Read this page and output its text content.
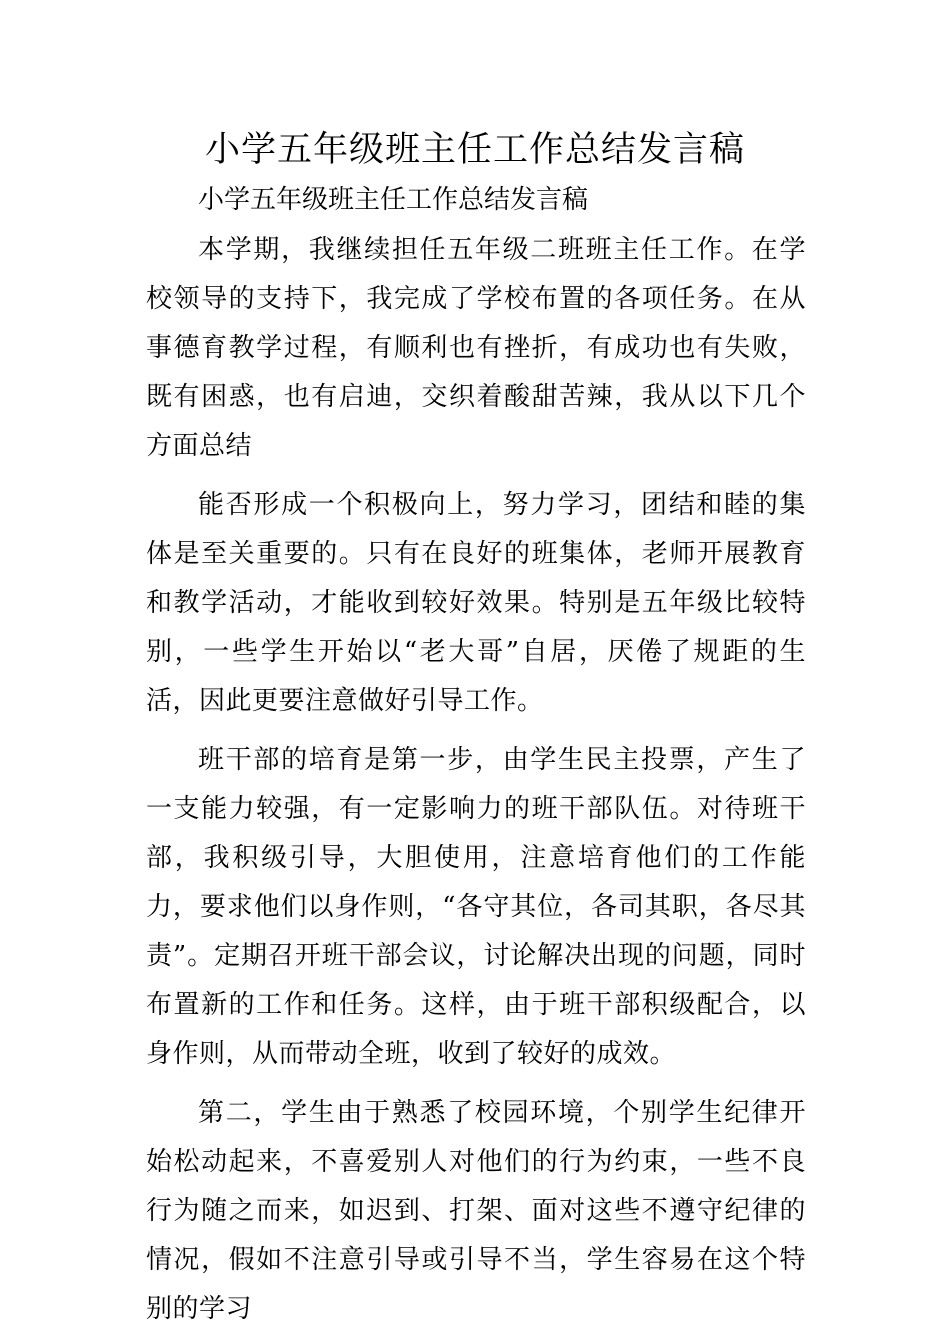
小学五年级班主任工作总结发言稿

小学五年级班主任工作总结发言稿

本学期，我继续担任五年级二班班主任工作。在学校领导的支持下，我完成了学校布置的各项任务。在从事德育教学过程，有顺利也有挫折，有成功也有失败，既有困惑，也有启迪，交织着酸甜苦辣，我从以下几个方面总结

能否形成一个积极向上，努力学习，团结和睦的集体是至关重要的。只有在良好的班集体，老师开展教育和教学活动，才能收到较好效果。特别是五年级比较特别，一些学生开始以“老大哥”自居，厌倦了规距的生活，因此更要注意做好引导工作。

班干部的培育是第一步，由学生民主投票，产生了一支能力较强，有一定影响力的班干部队伍。对待班干部，我积级引导，大胆使用，注意培育他们的工作能力，要求他们以身作则，“各守其位，各司其职，各尽其责”。定期召开班干部会议，讨论解决出现的问题，同时布置新的工作和任务。这样，由于班干部积级配合，以身作则，从而带动全班，收到了较好的成效。

第二，学生由于熟悉了校园环境，个别学生纪律开始松动起来，不喜爱别人对他们的行为约束，一些不良行为随之而来，如迟到、打架、面对这些不遵守纪律的情况，假如不注意引导或引导不当，学生容易在这个特别的学习
